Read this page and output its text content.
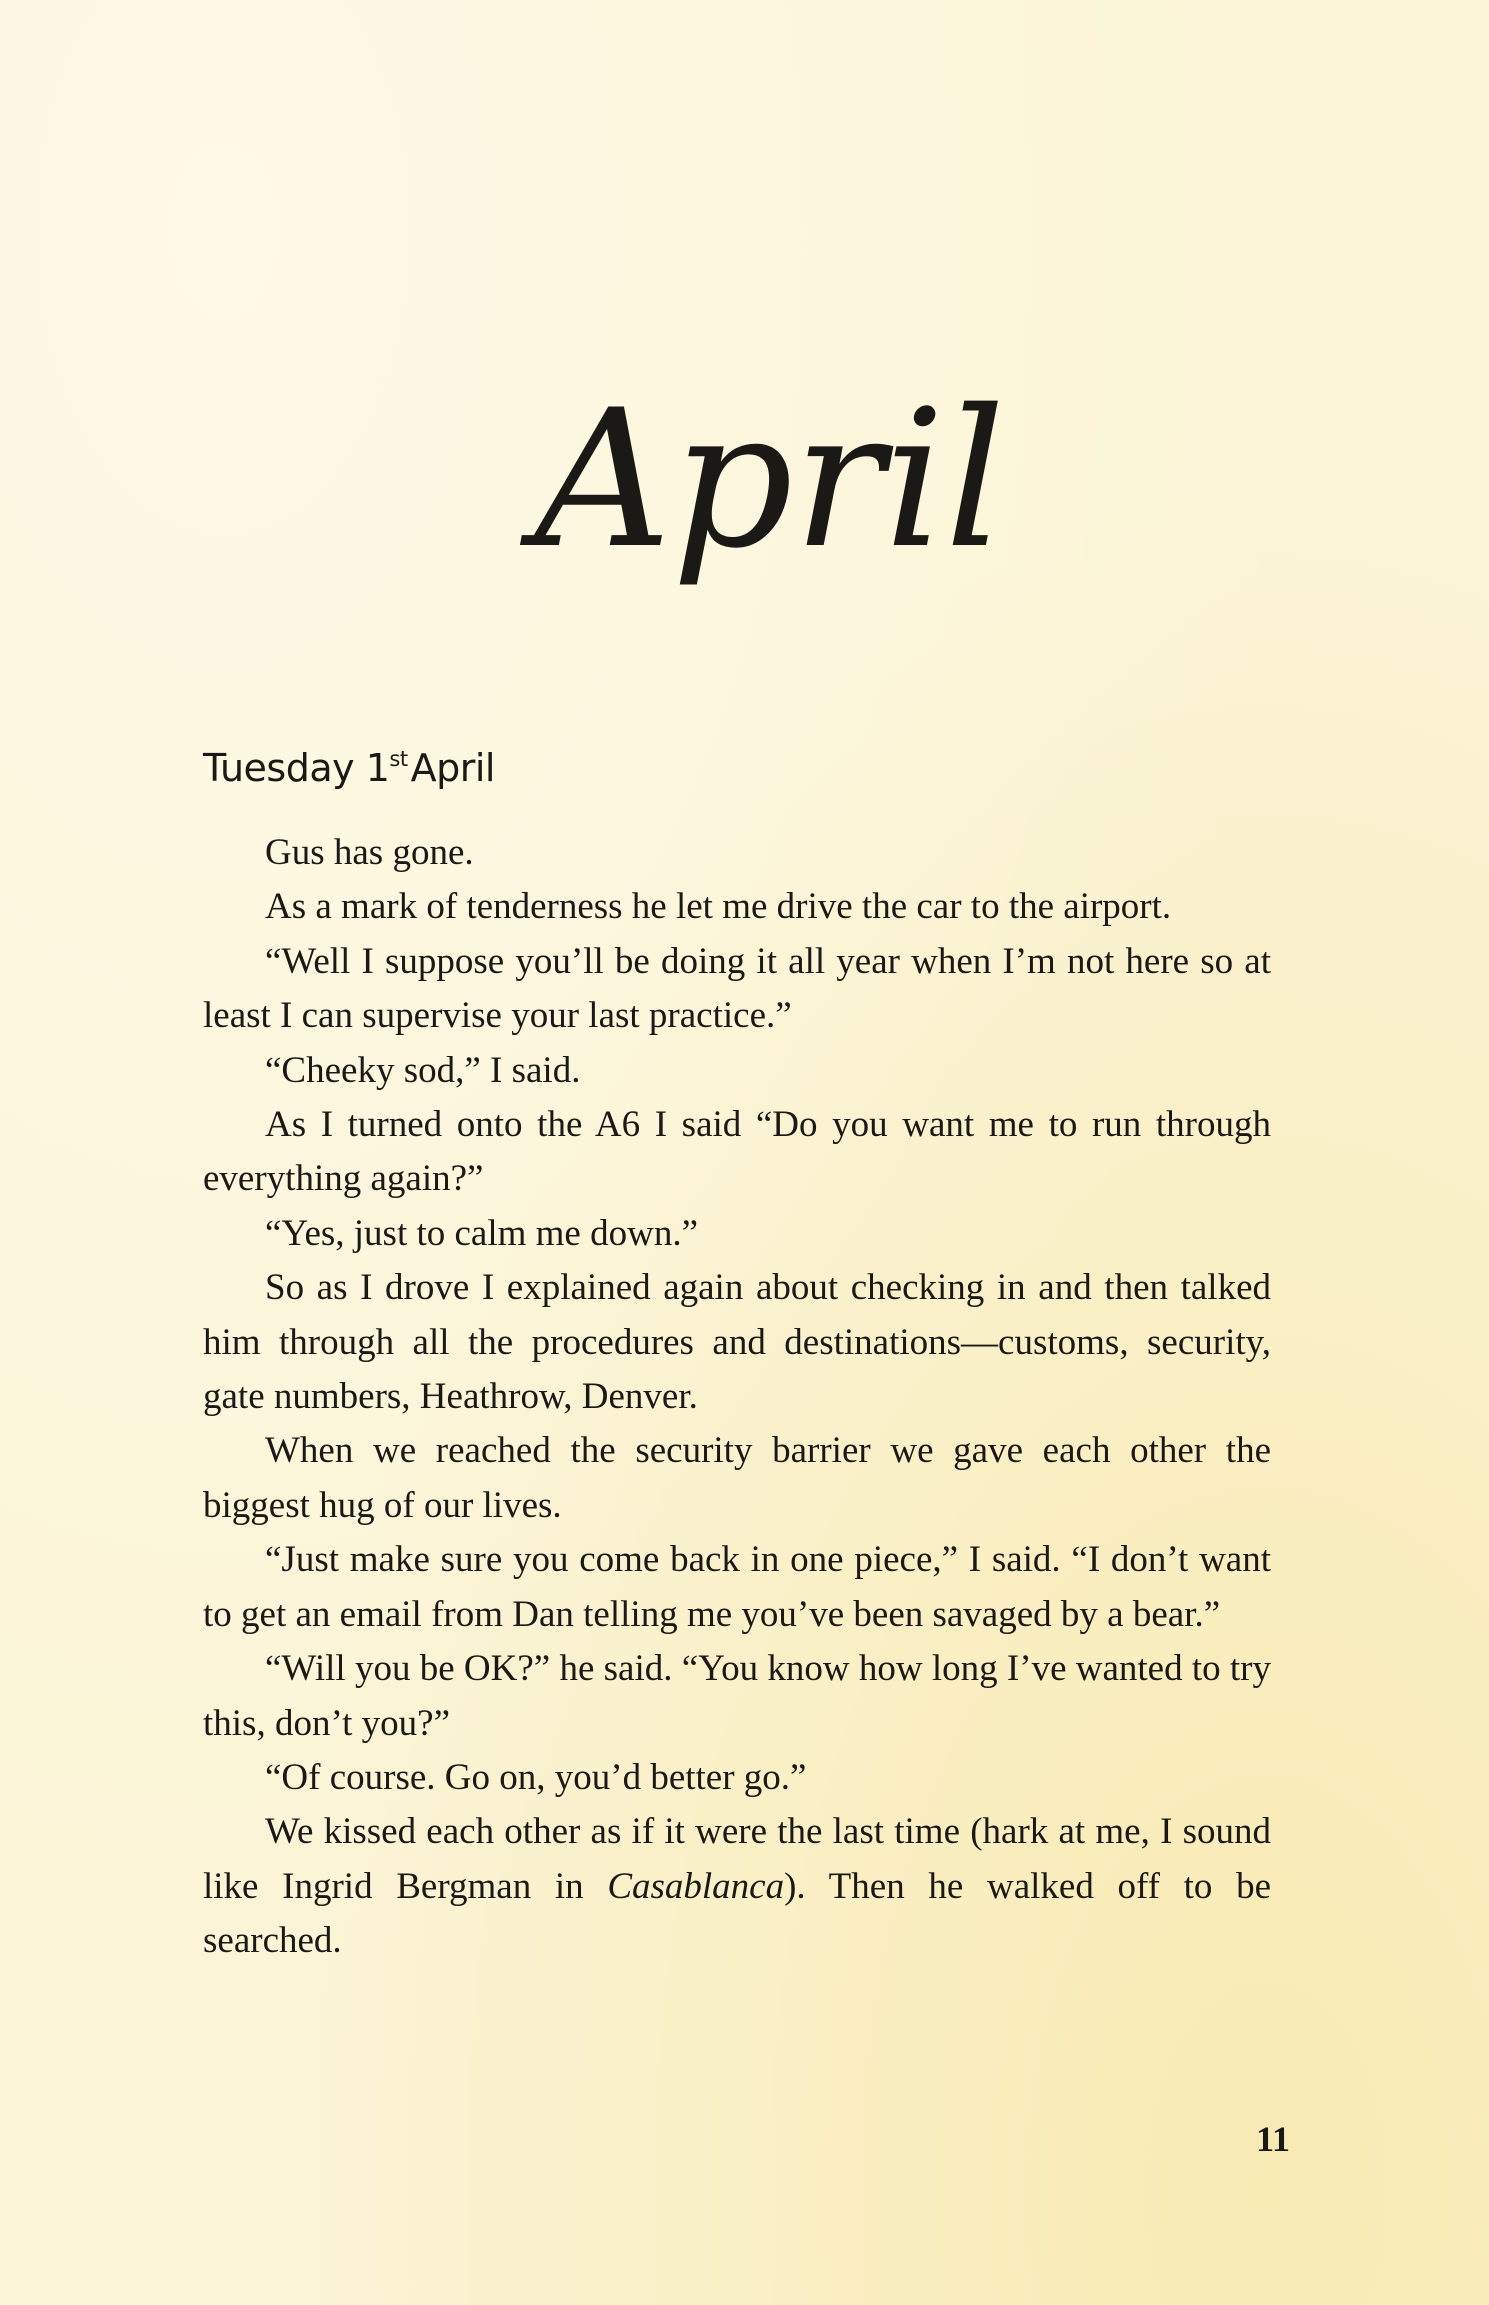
April
Tuesday 1stApril

Gus has gone.

As a mark of tenderness he let me drive the car to the airport.

“Well I suppose you’ll be doing it all year when I’m not here so at least I can supervise your last practice.”

“Cheeky sod,” I said.

As I turned onto the A6 I said “Do you want me to run through everything again?”

“Yes, just to calm me down.”

So as I drove I explained again about checking in and then talked him through all the procedures and destinations—customs, security, gate numbers, Heathrow, Denver.

When we reached the security barrier we gave each other the biggest hug of our lives.

“Just make sure you come back in one piece,” I said. “I don’t want to get an email from Dan telling me you’ve been savaged by a bear.”

“Will you be OK?” he said. “You know how long I’ve wanted to try this, don’t you?”

“Of course. Go on, you’d better go.”

We kissed each other as if it were the last time (hark at me, I sound like Ingrid Bergman in Casablanca). Then he walked off to be searched.

11
